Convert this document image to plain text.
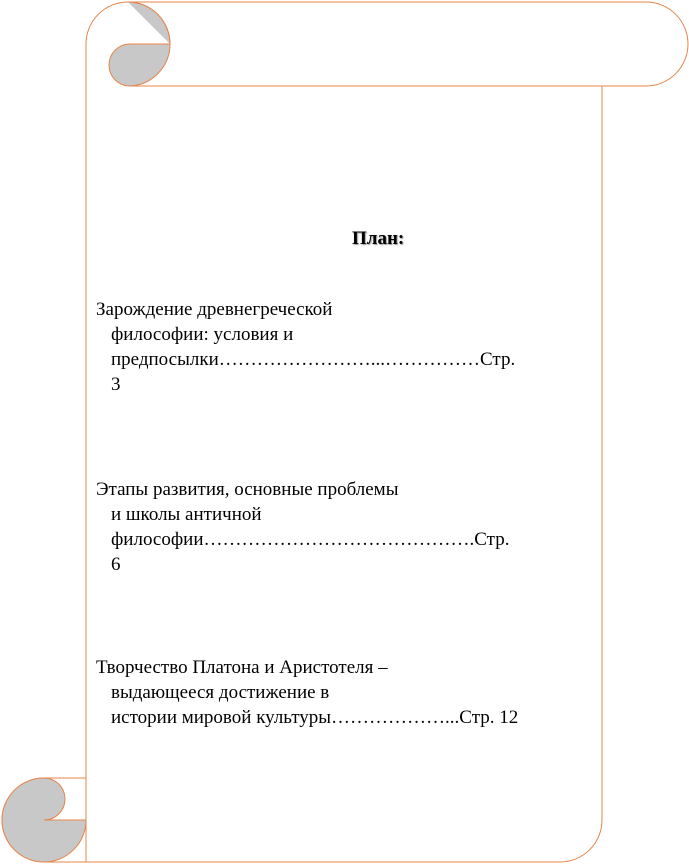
План:
Зарождение древнегреческой
философии: условия и
предпосылки……………………...……………Стр.
3
Этапы развития, основные проблемы
и школы античной
философии…………………………………….Стр.
6
Творчество Платона и Аристотеля –
выдающееся достижение в
истории мировой культуры………………...Стр. 12
